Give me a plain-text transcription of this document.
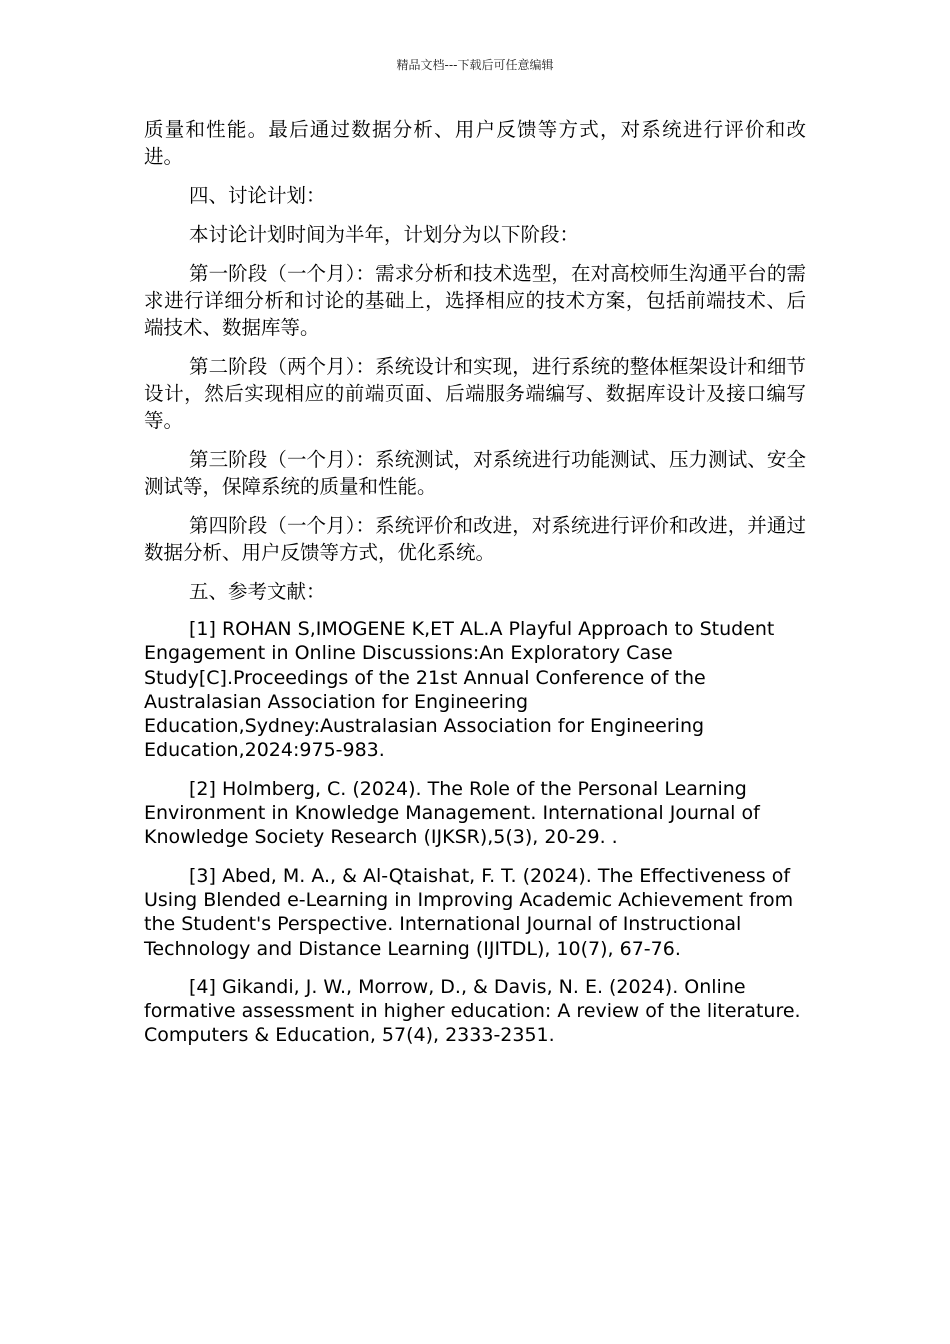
精品文档---下载后可任意编辑

质量和性能。最后通过数据分析、用户反馈等方式，对系统进行评价和改进。

四、讨论计划：

本讨论计划时间为半年，计划分为以下阶段：

第一阶段（一个月）：需求分析和技术选型，在对高校师生沟通平台的需求进行详细分析和讨论的基础上，选择相应的技术方案，包括前端技术、后端技术、数据库等。

第二阶段（两个月）：系统设计和实现，进行系统的整体框架设计和细节设计，然后实现相应的前端页面、后端服务端编写、数据库设计及接口编写等。

第三阶段（一个月）：系统测试，对系统进行功能测试、压力测试、安全测试等，保障系统的质量和性能。

第四阶段（一个月）：系统评价和改进，对系统进行评价和改进，并通过数据分析、用户反馈等方式，优化系统。

五、参考文献：

[1] ROHAN S,IMOGENE K,ET AL.A Playful Approach to Student Engagement in Online Discussions:An Exploratory Case Study[C].Proceedings of the 21st Annual Conference of the Australasian Association for Engineering Education,Sydney:Australasian Association for Engineering Education,2024:975-983.

[2] Holmberg, C. (2024). The Role of the Personal Learning Environment in Knowledge Management. International Journal of Knowledge Society Research (IJKSR),5(3), 20-29. .

[3] Abed, M. A., & Al-Qtaishat, F. T. (2024). The Effectiveness of Using Blended e-Learning in Improving Academic Achievement from the Student's Perspective. International Journal of Instructional Technology and Distance Learning (IJITDL), 10(7), 67-76.

[4] Gikandi, J. W., Morrow, D., & Davis, N. E. (2024). Online formative assessment in higher education: A review of the literature. Computers & Education, 57(4), 2333-2351.
